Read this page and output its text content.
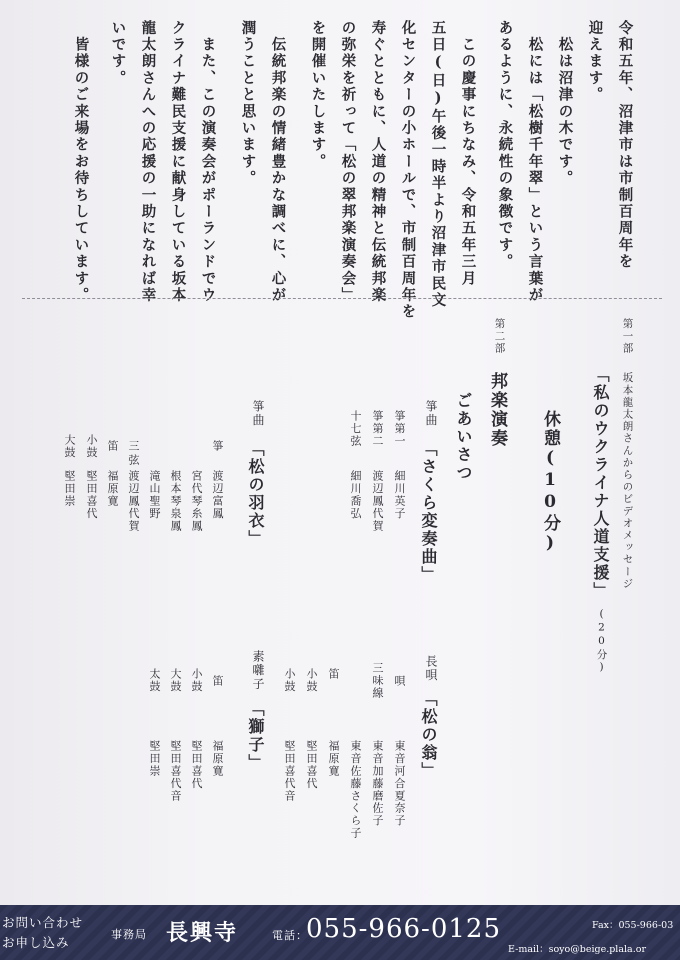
令和五年、沼津市は市制百周年を
迎えます。
　松は沼津の木です。
　松には「松樹千年翠」という言葉が
あるように、永続性の象徴です。
　この慶事にちなみ、令和五年三月
五日(日)午後一時半より沼津市民文
化センターの小ホールで、市制百周年を
寿ぐとともに、人道の精神と伝統邦楽
の弥栄を祈って「松の翠邦楽演奏会」
を開催いたします。
　伝統邦楽の情緒豊かな調べに、心が
潤うことと思います。
　また、この演奏会がポーランドでウ
クライナ難民支援に献身している坂本
龍太朗さんへの応援の一助になれば幸
いです。
　皆様のご来場をお待ちしています。
第一部
坂本龍太朗さんからのビデオメッセージ
「私のウクライナ人道支援」
(20分)
休憩(10分)
第二部
邦楽演奏
ごあいさつ
箏曲
「さくら変奏曲」
箏第一
細川英子
箏第二
渡辺鳳代賀
十七弦
細川喬弘
箏曲
「松の羽衣」
箏
渡辺富鳳
宮代琴糸鳳
根本琴泉鳳
滝山聖野
三弦
渡辺鳳代賀
笛
福原寛
小鼓
堅田喜代
大鼓
堅田崇
長唄
「松の翁」
唄
東音河合夏奈子
三味線
東音加藤磨佐子
東音佐藤さくら子
笛
福原寛
小鼓
堅田喜代
小鼓
堅田喜代音
素囃子
「獅子」
笛
福原寛
小鼓
堅田喜代
大鼓
堅田喜代音
太鼓
堅田崇
お問い合わせ
お申し込み
事務局 長興寺	電話：
055-966-0125	Fax：055-966-03
E-mail：soyo@beige.plala.or
